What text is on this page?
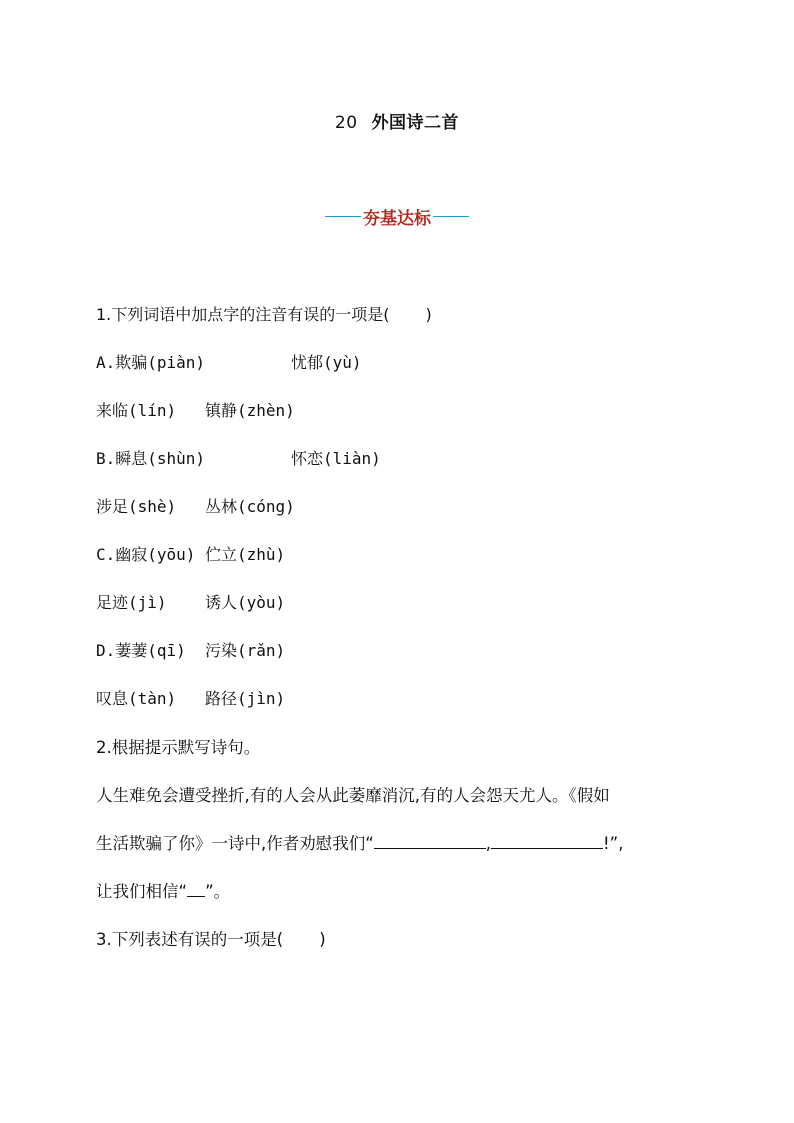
20 外国诗二首
夯基达标
1.下列词语中加点字的注音有误的一项是( )
A.欺骗(piàn)	忧郁(yù)
来临(lín) 镇静(zhèn)
B.瞬息(shùn)	怀恋(liàn)
涉足(shè) 丛林(cóng)
C.幽寂(yōu) 伫立(zhù)
足迹(jì) 诱人(yòu)
D.萋萋(qī) 污染(rǎn)
叹息(tàn) 路径(jìn)
2.根据提示默写诗句。
人生难免会遭受挫折,有的人会从此萎靡消沉,有的人会怨天尤人。《假如
生活欺骗了你》一诗中,作者劝慰我们“	,	!”,
让我们相信“ ”。
3.下列表述有误的一项是( )
